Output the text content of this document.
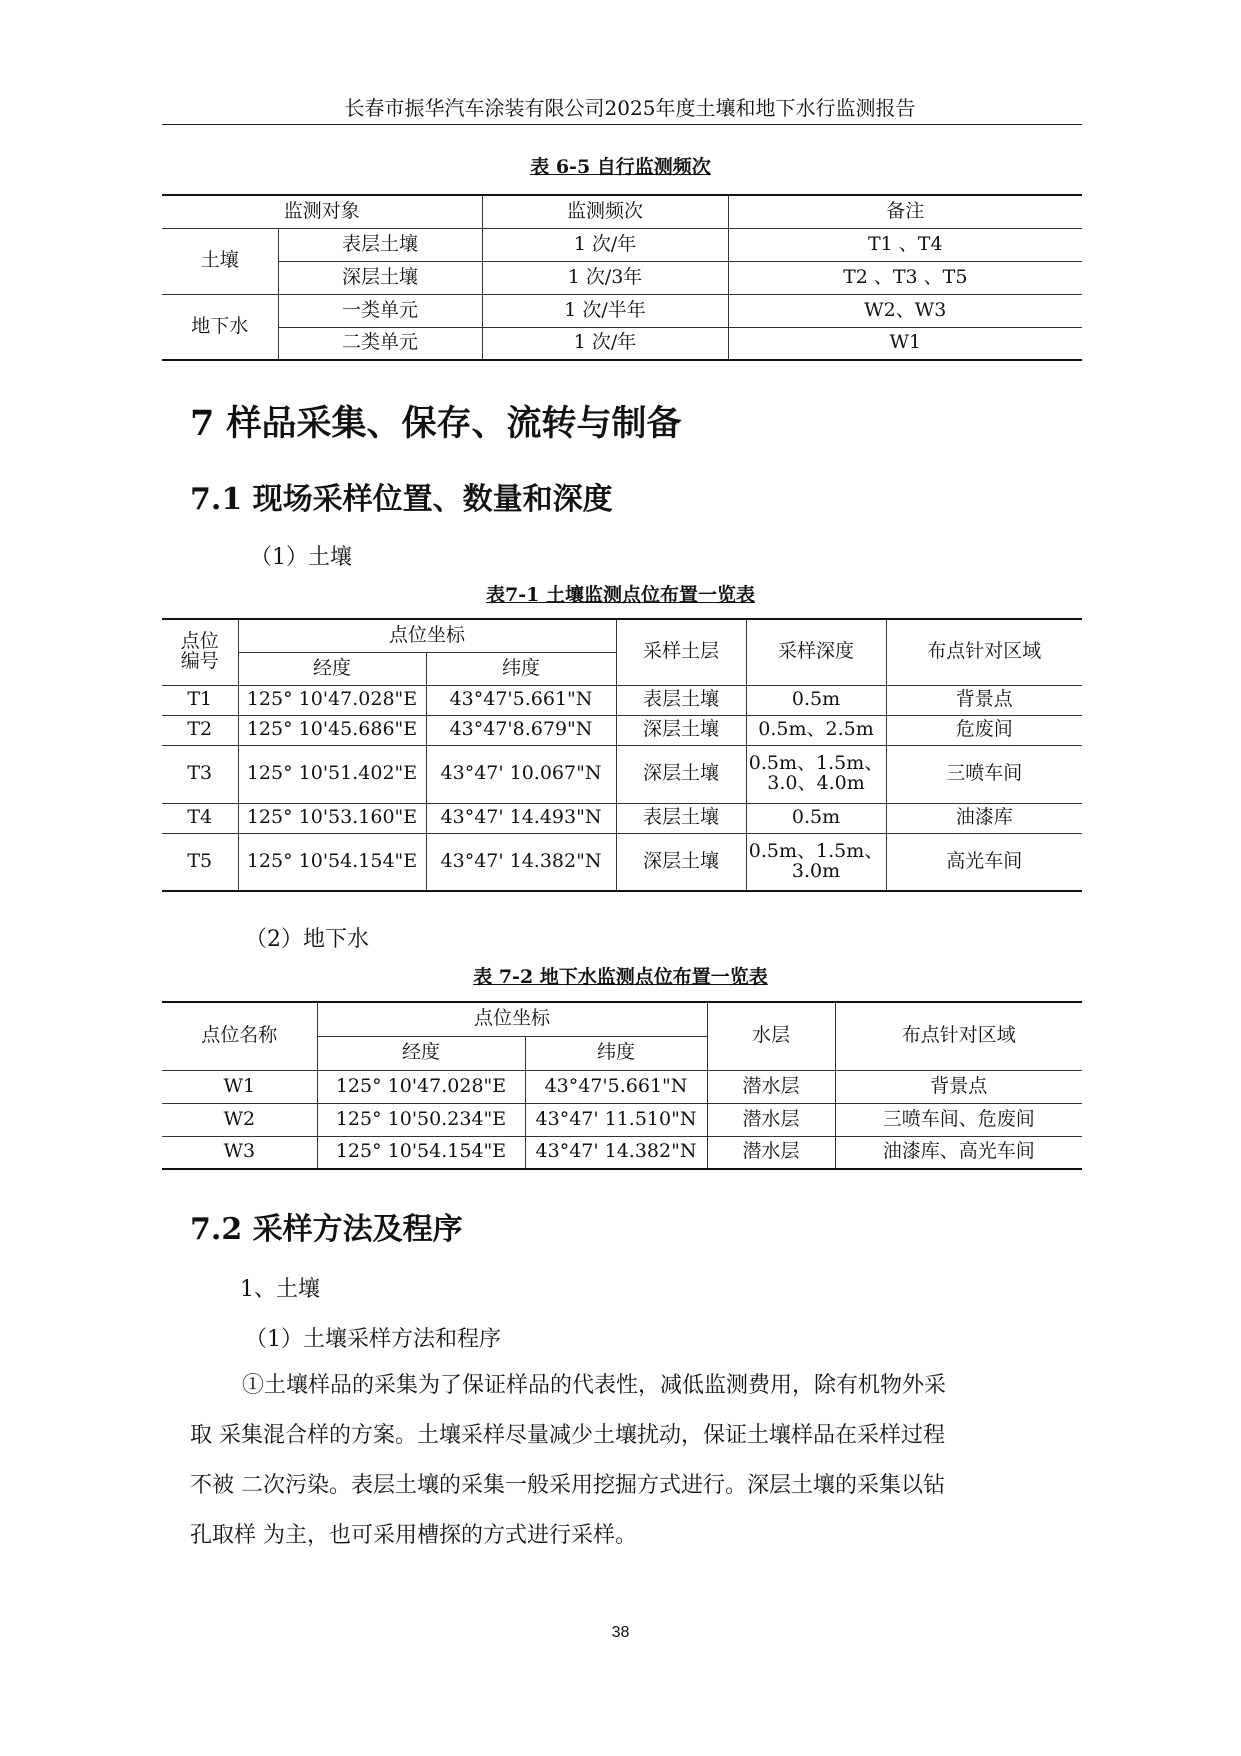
长春市振华汽车涂装有限公司2025年度土壤和地下水行监测报告
表 6-5 自行监测频次
监测对象		监测频次	备注
土壤	表层土壤	1 次/年	T1 、T4
	深层土壤	1 次/3年	T2 、T3 、T5
地下水	一类单元	1 次/半年	W2、W3
	二类单元	1 次/年	W1
7 样品采集、保存、流转与制备
7.1 现场采样位置、数量和深度
（1）土壤
表7-1 土壤监测点位布置一览表
点位
编号	点位坐标		采样土层	采样深度	布点针对区域
	经度	纬度			
T1	125° 10'47.028"E	43°47'5.661"N	表层土壤	0.5m	背景点
T2	125° 10'45.686"E	43°47'8.679"N	深层土壤	0.5m、2.5m	危废间
T3	125° 10'51.402"E	43°47' 10.067"N	深层土壤	0.5m、1.5m、
3.0、4.0m	三喷车间
T4	125° 10'53.160"E	43°47' 14.493"N	表层土壤	0.5m	油漆库
T5	125° 10'54.154"E	43°47' 14.382"N	深层土壤	0.5m、1.5m、
3.0m	高光车间
（2）地下水
表 7-2 地下水监测点位布置一览表
点位名称	点位坐标		水层	布点针对区域
	经度	纬度		
W1	125° 10'47.028"E	43°47'5.661"N	潜水层	背景点
W2	125° 10'50.234"E	43°47' 11.510"N	潜水层	三喷车间、危废间
W3	125° 10'54.154"E	43°47' 14.382"N	潜水层	油漆库、高光车间
7.2 采样方法及程序
1、土壤
（1）土壤采样方法和程序

①土壤样品的采集为了保证样品的代表性，减低监测费用，除有机物外采

取 采集混合样的方案。土壤采样尽量减少土壤扰动，保证土壤样品在采样过程

不被 二次污染。表层土壤的采集一般采用挖掘方式进行。深层土壤的采集以钻

孔取样 为主，也可采用槽探的方式进行采样。

38
